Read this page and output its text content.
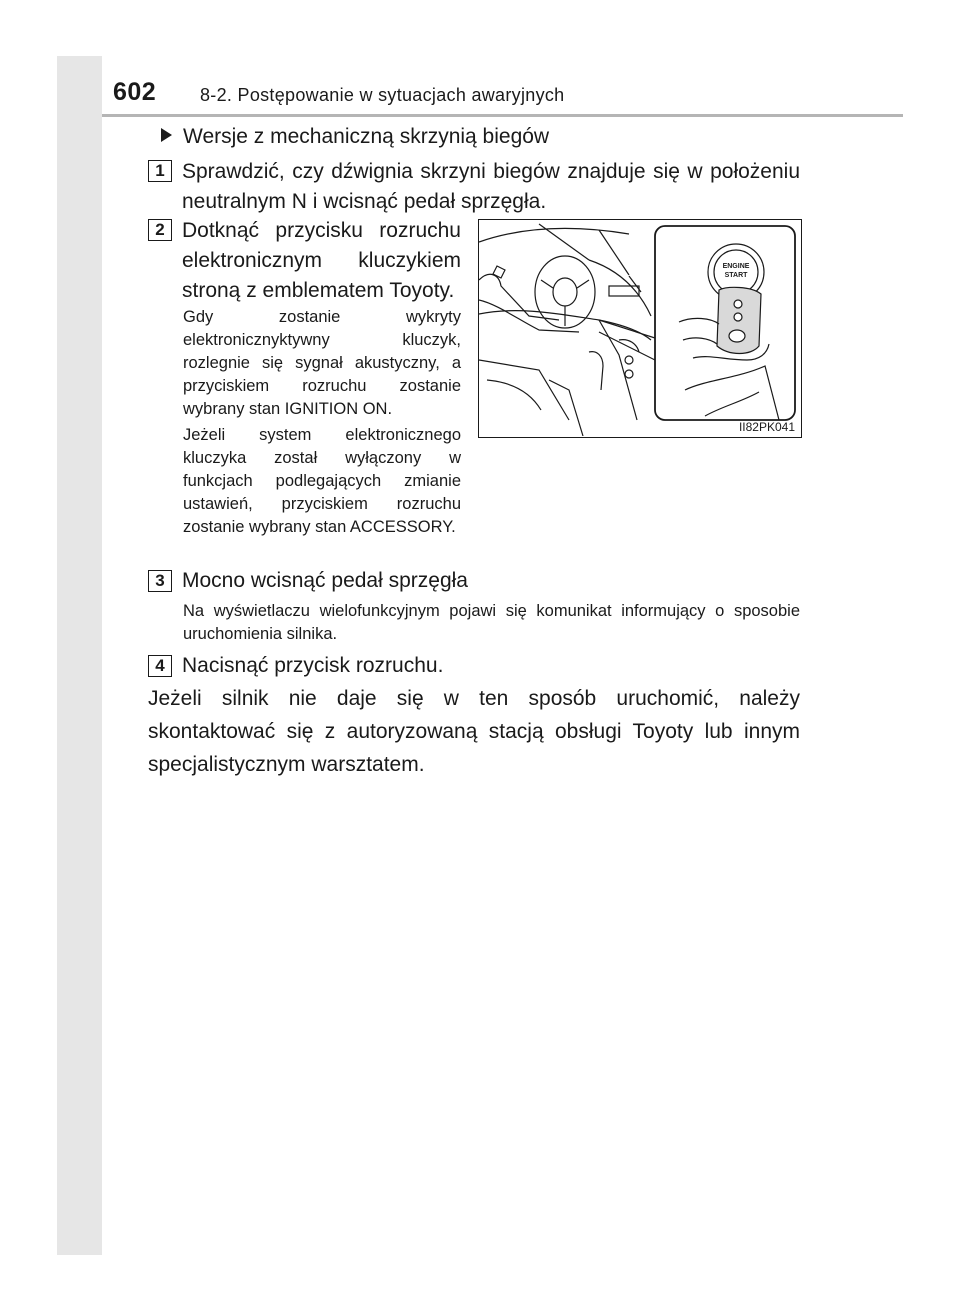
602 8-2. Postępowanie w sytuacjach awaryjnych
Wersje z mechaniczną skrzynią biegów
1 Sprawdzić, czy dźwignia skrzyni biegów znajduje się w położeniu neutralnym N i wcisnąć pedał sprzęgła.
2 Dotknąć przycisku rozruchu elektronicznym kluczykiem stroną z emblematem Toyoty.
Gdy zostanie wykryty elektronicznyktywny kluczyk, rozlegnie się sygnał akustyczny, a przyciskiem rozruchu zostanie wybrany stan IGNITION ON.
Jeżeli system elektronicznego kluczyka został wyłączony w funkcjach podlegających zmianie ustawień, przyciskiem rozruchu zostanie wybrany stan ACCESSORY.
ENGINE
START
II82PK041
3 Mocno wcisnąć pedał sprzęgła
Na wyświetlaczu wielofunkcyjnym pojawi się komunikat informujący o sposobie uruchomienia silnika.
4 Nacisnąć przycisk rozruchu.
Jeżeli silnik nie daje się w ten sposób uruchomić, należy skontaktować się z autoryzowaną stacją obsługi Toyoty lub innym specjalistycznym warsztatem.
